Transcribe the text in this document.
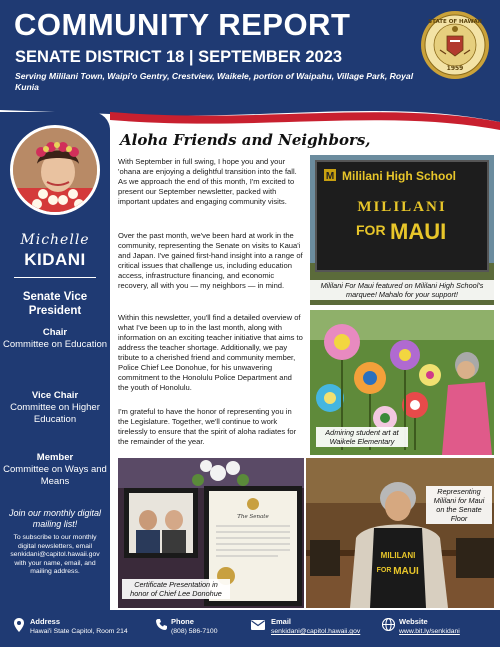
COMMUNITY REPORT
SENATE DISTRICT 18 | SEPTEMBER 2023
Serving Mililani Town, Waipi'o Gentry, Crestview, Waikele, portion of Waipahu, Village Park, Royal Kunia
STATE OF HAWAII
1959
Michelle
KIDANI
Senate Vice President
Chair
Committee on Education
Vice Chair
Committee on Higher Education
Member
Committee on Ways and Means
Join our monthly digital mailing list!
To subscribe to our monthly digital newsletters, email senkidani@capitol.hawaii.gov with your name, email, and mailing address.
Aloha Friends and Neighbors,
With September in full swing, I hope you and your 'ohana are enjoying a delightful transition into the fall. As we approach the end of this month, I'm excited to present our September newsletter, packed with important updates and engaging community visits.
Over the past month, we've been hard at work in the community, representing the Senate on visits to Kaua'i and Japan. I've gained first-hand insight into a range of critical issues that challenge us, including education access, infrastructure financing, and economic recovery, all with you — my neighbors — in mind.
Within this newsletter, you'll find a detailed overview of what I've been up to in the last month, along with information on an exciting teacher initiative that aims to address the teacher shortage. Additionally, we pay tribute to a cherished friend and community member, Police Chief Lee Donohue, for his unwavering commitment to the Honolulu Police Department and the youth of Honolulu.
I'm grateful to have the honor of representing you in the Legislature. Together, we'll continue to work tirelessly to ensure that the spirit of aloha radiates for the remainder of the year.
M Mililani High School
MILILANI
FOR MAUI
Mililani For Maui featured on Mililani High School's marquee! Mahalo for your support!
Admiring student art at Waikele Elementary
The Senate
Certificate Presentation in honor of Chief Lee Donohue
MILILANI
FOR MAUI
Representing Mililani for Maui on the Senate Floor
Address
Hawai'i State Capitol, Room 214
Phone
(808) 586-7100
Email
senkidani@capitol.hawaii.gov
Website
www.bit.ly/senkidani
